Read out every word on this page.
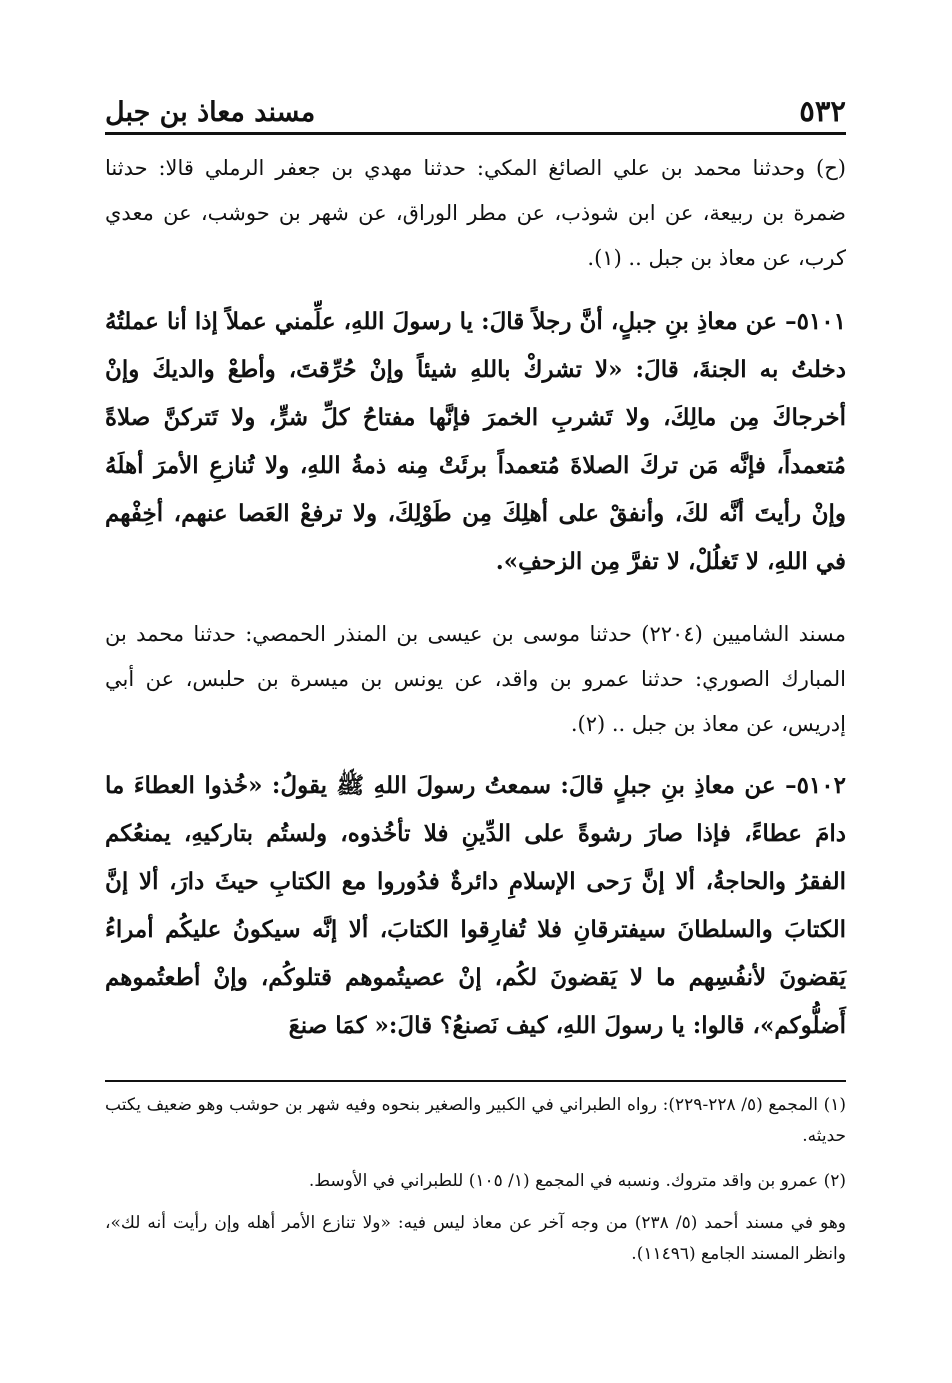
٥٣٢
مسند معاذ بن جبل

(ح) وحدثنا محمد بن علي الصائغ المكي: حدثنا مهدي بن جعفر الرملي قالا: حدثنا ضمرة بن ربيعة، عن ابن شوذب، عن مطر الوراق، عن شهر بن حوشب، عن معدي كرب، عن معاذ بن جبل .. (١).

٥١٠١– عن معاذِ بنِ جبلٍ، أنَّ رجلاً قالَ: يا رسولَ اللهِ، علِّمني عملاً إذا أنا عملتُهُ دخلتُ به الجنةَ، قالَ: «لا تشركْ باللهِ شيئاً وإنْ حُرِّقتَ، وأطعْ والديكَ وإنْ أخرجاكَ مِن مالِكَ، ولا تَشربِ الخمرَ فإنَّها مفتاحُ كلِّ شرٍّ، ولا تَتركنَّ صلاةً مُتعمداً، فإنَّه مَن تركَ الصلاةَ مُتعمداً برئَتْ مِنه ذمةُ اللهِ، ولا تُنازعِ الأمرَ أهلَهُ وإنْ رأيتَ أنَّه لكَ، وأنفقْ على أهلِكَ مِن طَوْلِكَ، ولا ترفعْ العَصا عنهم، أخِفْهم في اللهِ، لا تَغلُلْ، لا تفرَّ مِن الزحفِ».

مسند الشاميين (٢٢٠٤) حدثنا موسى بن عيسى بن المنذر الحمصي: حدثنا محمد بن المبارك الصوري: حدثنا عمرو بن واقد، عن يونس بن ميسرة بن حلبس، عن أبي إدريس، عن معاذ بن جبل .. (٢).

٥١٠٢– عن معاذِ بنِ جبلٍ قالَ: سمعتُ رسولَ اللهِ ﷺ يقولُ: «خُذوا العطاءَ ما دامَ عطاءً، فإذا صارَ رشوةً على الدِّينِ فلا تأخُذوه، ولستُم بتاركيهِ، يمنعُكم الفقرُ والحاجةُ، ألا إنَّ رَحى الإسلامِ دائرةٌ فدُوروا مع الكتابِ حيثَ دارَ، ألا إنَّ الكتابَ والسلطانَ سيفترقانِ فلا تُفارِقوا الكتابَ، ألا إنَّه سيكونُ عليكُم أمراءُ يَقضونَ لأنفُسِهم ما لا يَقضونَ لكُم، إنْ عصيتُموهم قتلوكُم، وإنْ أطعتُموهم أَضلُّوكم»، قالوا: يا رسولَ اللهِ، كيف نَصنعُ؟ قالَ:« كمَا صنعَ

(١) المجمع (٥/ ٢٢٨-٢٢٩): رواه الطبراني في الكبير والصغير بنحوه وفيه شهر بن حوشب وهو ضعيف يكتب حديثه.

(٢) عمرو بن واقد متروك. ونسبه في المجمع (١/ ١٠٥) للطبراني في الأوسط.

وهو في مسند أحمد (٥/ ٢٣٨) من وجه آخر عن معاذ ليس فيه: «ولا تنازع الأمر أهله وإن رأيت أنه لك»، وانظر المسند الجامع (١١٤٩٦).
